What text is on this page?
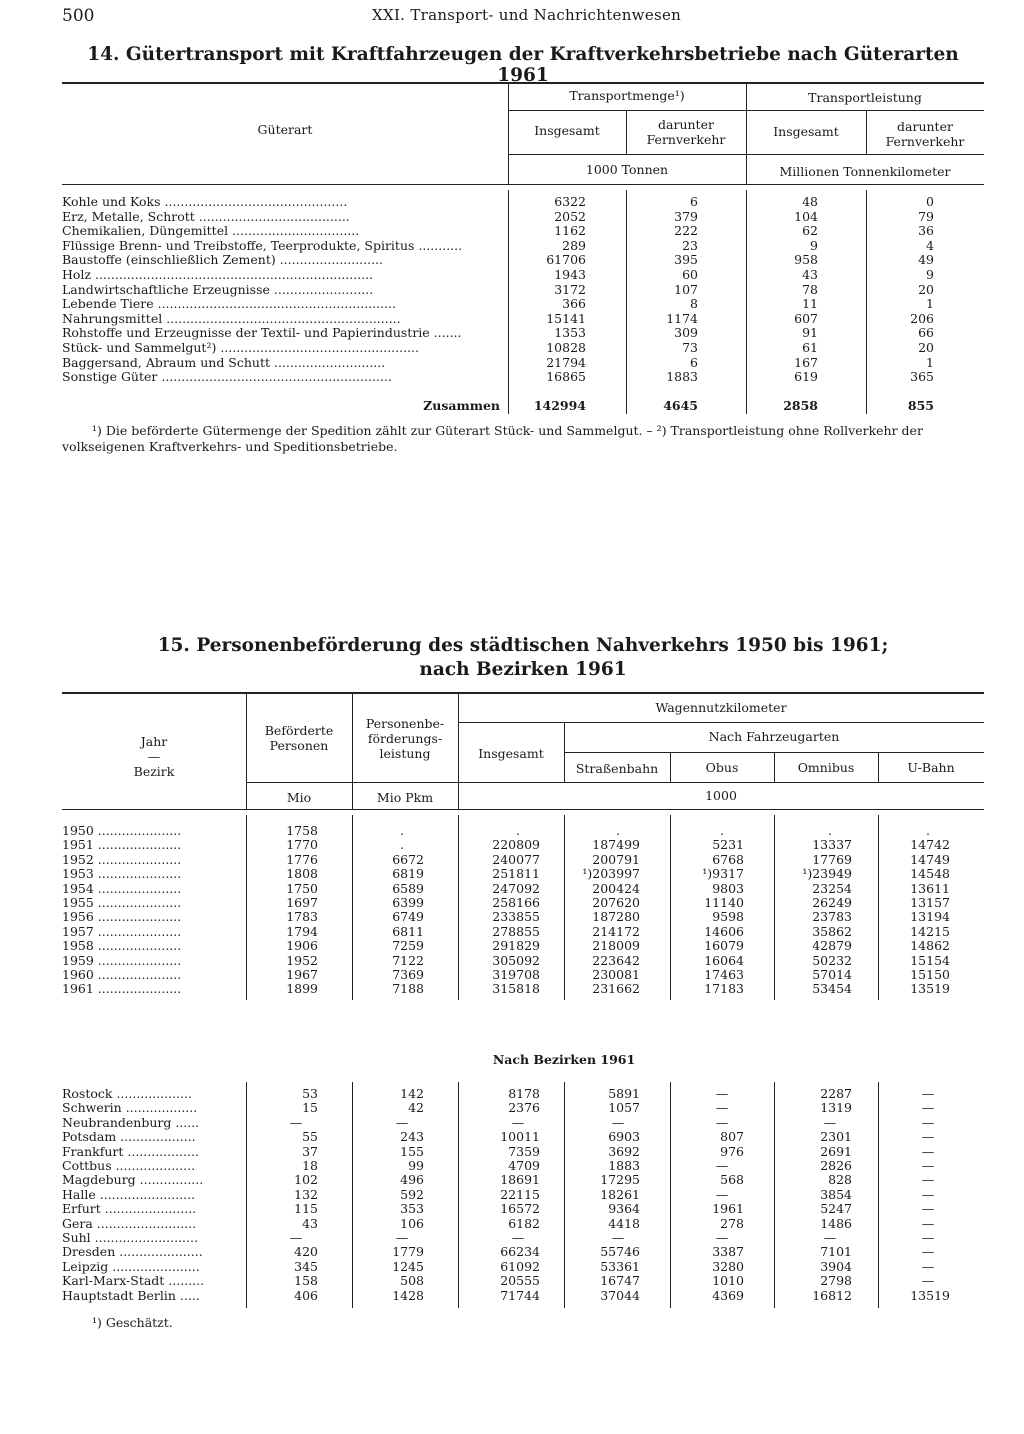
500	XXI. Transport- und Nachrichtenwesen
14. Gütertransport mit Kraftfahrzeugen der Kraftverkehrsbetriebe nach Güterarten 1961
Güterart
Transportmenge¹)	Transportleistung
Insgesamt	darunter
Fernverkehr
Insgesamt	darunter
Fernverkehr
1000 Tonnen	Millionen Tonnenkilometer
Kohle und Koks ..............................................	6322	6	48	0
Erz, Metalle, Schrott ......................................	2052	379	104	79
Chemikalien, Düngemittel ................................	1162	222	62	36
Flüssige Brenn- und Treibstoffe, Teerprodukte, Spiritus ...........	289	23	9	4
Baustoffe (einschließlich Zement) ..........................	61706	395	958	49
Holz ......................................................................	1943	60	43	9
Landwirtschaftliche Erzeugnisse .........................	3172	107	78	20
Lebende Tiere ............................................................	366	8	11	1
Nahrungsmittel ...........................................................	15141	1174	607	206
Rohstoffe und Erzeugnisse der Textil- und Papierindustrie .......	1353	309	91	66
Stück- und Sammelgut²) ..................................................	10828	73	61	20
Baggersand, Abraum und Schutt ............................	21794	6	167	1
Sonstige Güter ..........................................................	16865	1883	619	365
Zusammen	142994	4645	2858	855
¹) Die beförderte Gütermenge der Spedition zählt zur Güterart Stück- und Sammelgut. – ²) Transportleistung ohne Rollverkehr der
volkseigenen Kraftverkehrs- und Speditionsbetriebe.
15. Personenbeförderung des städtischen Nahverkehrs 1950 bis 1961;
nach Bezirken 1961
Jahr
—
Bezirk
Beförderte
Personen
Personenbe-
förderungs-
leistung
Wagennutzkilometer
Insgesamt
Nach Fahrzeugarten
Straßenbahn	Obus	Omnibus	U-Bahn
Mio	Mio Pkm	1000
1950 .....................	1758	.	.	.	.	.	.
1951 .....................	1770	.	220809	187499	5231	13337	14742
1952 .....................	1776	6672	240077	200791	6768	17769	14749
1953 .....................	1808	6819	251811	¹)203997	¹)9317	¹)23949	14548
1954 .....................	1750	6589	247092	200424	9803	23254	13611
1955 .....................	1697	6399	258166	207620	11140	26249	13157
1956 .....................	1783	6749	233855	187280	9598	23783	13194
1957 .....................	1794	6811	278855	214172	14606	35862	14215
1958 .....................	1906	7259	291829	218009	16079	42879	14862
1959 .....................	1952	7122	305092	223642	16064	50232	15154
1960 .....................	1967	7369	319708	230081	17463	57014	15150
1961 .....................	1899	7188	315818	231662	17183	53454	13519
Nach Bezirken 1961
Rostock ...................	53	142	8178	5891	—	2287	—
Schwerin ..................	15	42	2376	1057	—	1319	—
Neubrandenburg ......	—	—	—	—	—	—	—
Potsdam ...................	55	243	10011	6903	807	2301	—
Frankfurt ..................	37	155	7359	3692	976	2691	—
Cottbus ....................	18	99	4709	1883	—	2826	—
Magdeburg ................	102	496	18691	17295	568	828	—
Halle ........................	132	592	22115	18261	—	3854	—
Erfurt .......................	115	353	16572	9364	1961	5247	—
Gera .........................	43	106	6182	4418	278	1486	—
Suhl ..........................	—	—	—	—	—	—	—
Dresden .....................	420	1779	66234	55746	3387	7101	—
Leipzig ......................	345	1245	61092	53361	3280	3904	—
Karl-Marx-Stadt .........	158	508	20555	16747	1010	2798	—
Hauptstadt Berlin .....	406	1428	71744	37044	4369	16812	13519
¹) Geschätzt.
